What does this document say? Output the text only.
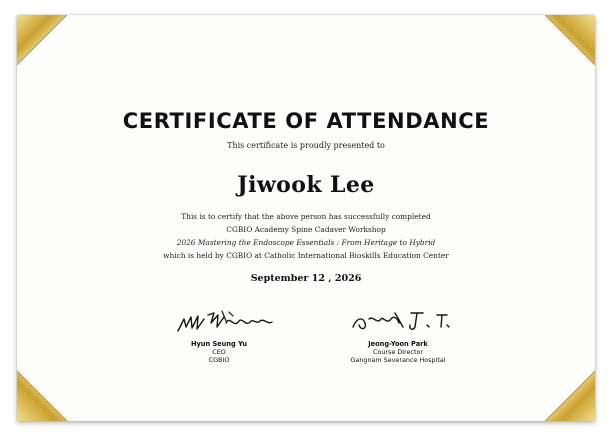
CERTIFICATE OF ATTENDANCE
This certificate is proudly presented to
Jiwook Lee
This is to certify that the above person has successfully completed
CGBIO Academy Spine Cadaver Workshop
2026 Mastering the Endoscope Essentials : From Heritage to Hybrid
which is held by CGBIO at Catholic International Bioskills Education Center
September 12 , 2026
Hyun Seung Yu
CEO
CGBIO
Jeong-Yoon Park
Course Director
Gangnam Severance Hospital
